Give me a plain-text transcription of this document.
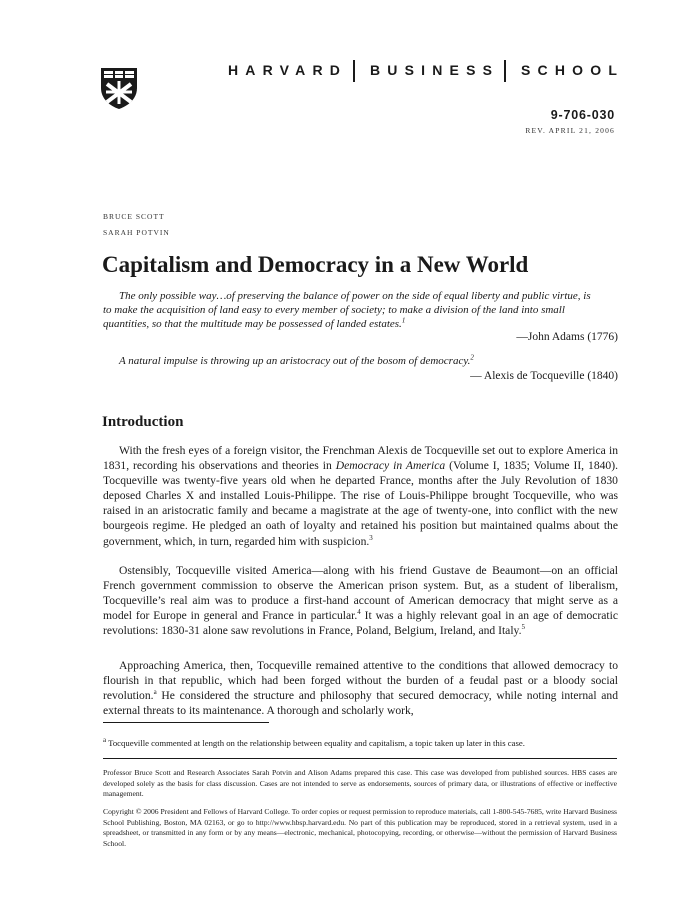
HARVARD BUSINESS SCHOOL
9-706-030
REV. APRIL 21, 2006
BRUCE SCOTT
SARAH POTVIN
Capitalism and Democracy in a New World
The only possible way…of preserving the balance of power on the side of equal liberty and public virtue, is
to make the acquisition of land easy to every member of society; to make a division of the land into small
quantities, so that the multitude may be possessed of landed estates.$^1$
—John Adams (1776)
A natural impulse is throwing up an aristocracy out of the bosom of democracy.$^2$
— Alexis de Tocqueville (1840)
Introduction
With the fresh eyes of a foreign visitor, the Frenchman Alexis de Tocqueville set out to explore America in 1831, recording his observations and theories in Democracy in America (Volume I, 1835; Volume II, 1840). Tocqueville was twenty-five years old when he departed France, months after the July Revolution of 1830 deposed Charles X and installed Louis-Philippe. The rise of Louis-Philippe brought Tocqueville, who was raised in an aristocratic family and became a magistrate at the age of twenty-one, into conflict with the new bourgeois regime. He pledged an oath of loyalty and retained his position but maintained qualms about the government, which, in turn, regarded him with suspicion.$^3$
Ostensibly, Tocqueville visited America—along with his friend Gustave de Beaumont—on an official French government commission to observe the American prison system. But, as a student of liberalism, Tocqueville’s real aim was to produce a first-hand account of American democracy that might serve as a model for Europe in general and France in particular.$^4$ It was a highly relevant goal in an age of democratic revolutions: 1830-31 alone saw revolutions in France, Poland, Belgium, Ireland, and Italy.$^5$
Approaching America, then, Tocqueville remained attentive to the conditions that allowed democracy to flourish in that republic, which had been forged without the burden of a feudal past or a bloody social revolution.$^a$ He considered the structure and philosophy that secured democracy, while noting internal and external threats to its maintenance. A thorough and scholarly work,
$^a$ Tocqueville commented at length on the relationship between equality and capitalism, a topic taken up later in this case.

Professor Bruce Scott and Research Associates Sarah Potvin and Alison Adams prepared this case. This case was developed from published sources. HBS cases are developed solely as the basis for class discussion. Cases are not intended to serve as endorsements, sources of primary data, or illustrations of effective or ineffective management.

Copyright © 2006 President and Fellows of Harvard College. To order copies or request permission to reproduce materials, call 1-800-545-7685, write Harvard Business School Publishing, Boston, MA 02163, or go to http://www.hbsp.harvard.edu. No part of this publication may be reproduced, stored in a retrieval system, used in a spreadsheet, or transmitted in any form or by any means—electronic, mechanical, photocopying, recording, or otherwise—without the permission of Harvard Business School.
